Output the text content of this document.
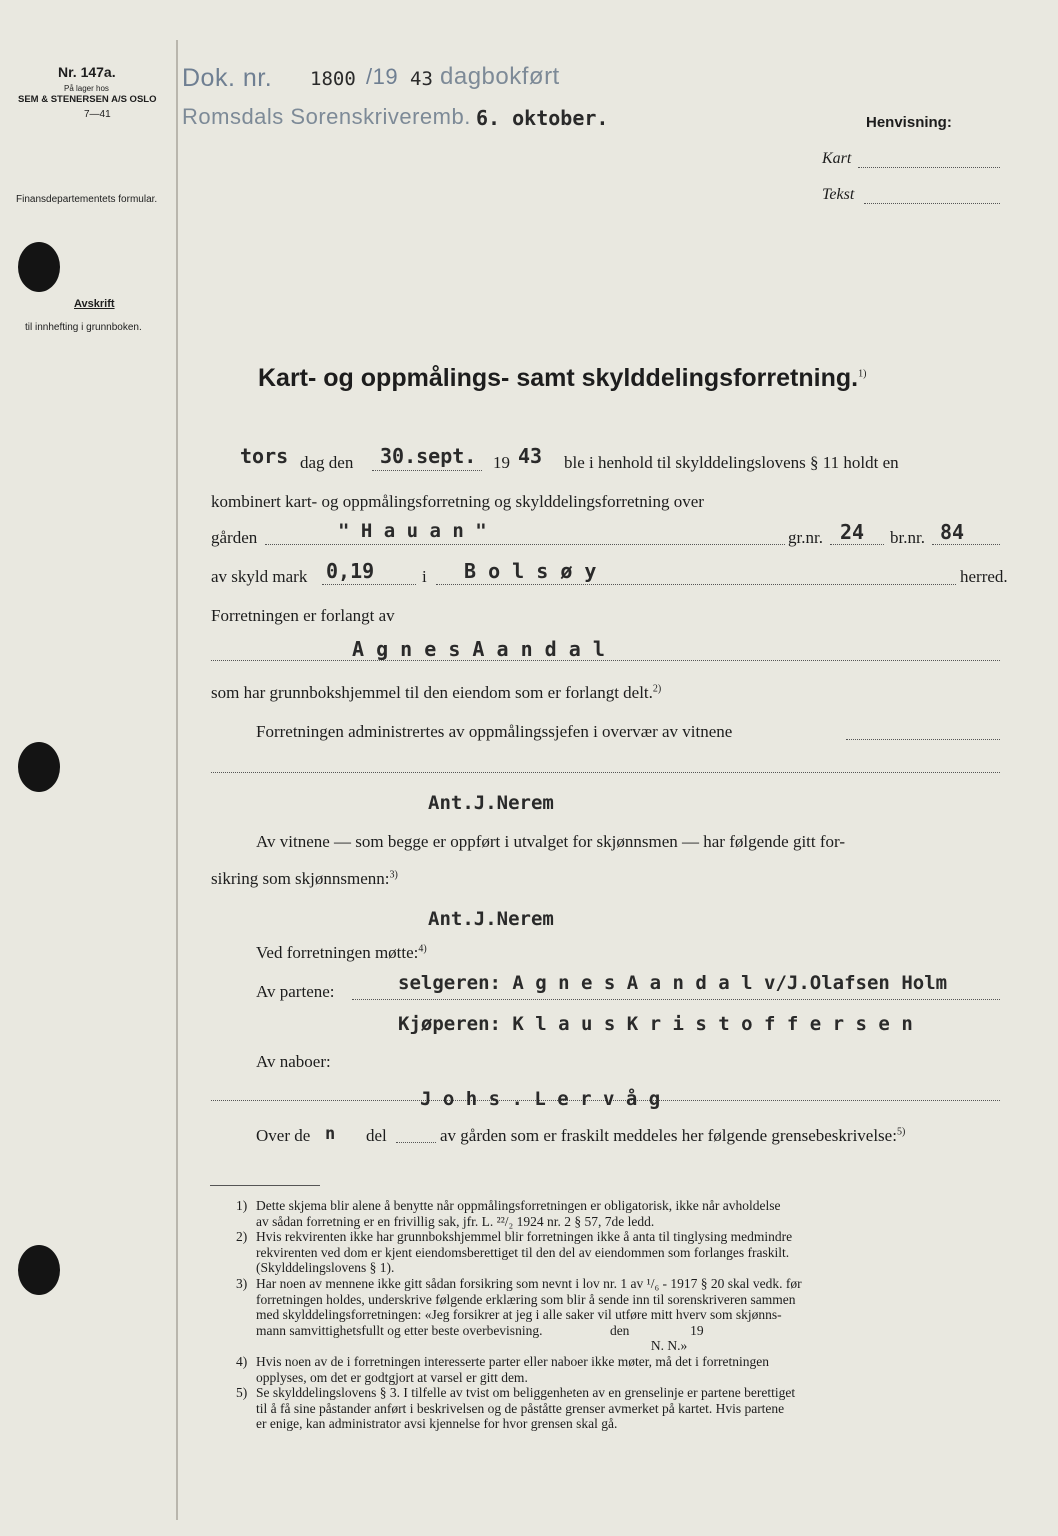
Nr. 147a.
På lager hos
SEM & STENERSEN A/S OSLO
7—41
Finansdepartementets formular.
Avskrift
til innhefting i grunnboken.
Dok. nr. 1800 /19 43 dagbokført
Romsdals Sorenskriveremb. 6. oktober.	Henvisning:
Kart
Tekst
Kart- og oppmålings- samt skylddelingsforretning.$^{1)}$
tors dag den 30.sept. 19 43 ble i henhold til skylddelingslovens § 11 holdt en
kombinert kart- og oppmålingsforretning og skylddelingsforretning over
gården	" H a u a n "	gr.nr. 24 br.nr. 84
av skyld mark 0,19	i B o l s ø y	herred.
Forretningen er forlangt av
A g n e s A a n d a l
som har grunnbokshjemmel til den eiendom som er forlangt delt.$^{2)}$
Forretningen administrertes av oppmålingssjefen i overvær av vitnene
Ant.J.Nerem
Av vitnene — som begge er oppført i utvalget for skjønnsmen — har følgende gitt for-
sikring som skjønnsmenn:$^{3)}$
Ant.J.Nerem
Ved forretningen møtte:$^{4)}$
Av partene:	selgeren: A g n e s A a n d a l v/J.Olafsen Holm
Kjøperen: K l a u s K r i s t o f f e r s e n
Av naboer:
J o h s . L e r v å g
Over de n del	av gården som er fraskilt meddeles her følgende grensebeskrivelse:$^{5)}$
1) Dette skjema blir alene å benytte når oppmålingsforretningen er obligatorisk, ikke når avholdelse
av sådan forretning er en frivillig sak, jfr. L. ²²/₂ 1924 nr. 2 § 57, 7de ledd.
2) Hvis rekvirenten ikke har grunnbokshjemmel blir forretningen ikke å anta til tinglysing medmindre
rekvirenten ved dom er kjent eiendomsberettiget til den del av eiendommen som forlanges fraskilt.
(Skylddelingslovens § 1).
3) Har noen av mennene ikke gitt sådan forsikring som nevnt i lov nr. 1 av ¹/₆ - 1917 § 20 skal vedk. før
forretningen holdes, underskrive følgende erklæring som blir å sende inn til sorenskriveren sammen
med skylddelingsforretningen: «Jeg forsikrer at jeg i alle saker vil utføre mitt hverv som skjønns-
mann samvittighetsfullt og etter beste overbevisning.                    den                  19
N. N.»
4) Hvis noen av de i forretningen interesserte parter eller naboer ikke møter, må det i forretningen
opplyses, om det er godtgjort at varsel er gitt dem.
5) Se skylddelingslovens § 3. I tilfelle av tvist om beliggenheten av en grenselinje er partene berettiget
til å få sine påstander anført i beskrivelsen og de påståtte grenser avmerket på kartet. Hvis partene
er enige, kan administrator avsi kjennelse for hvor grensen skal gå.
